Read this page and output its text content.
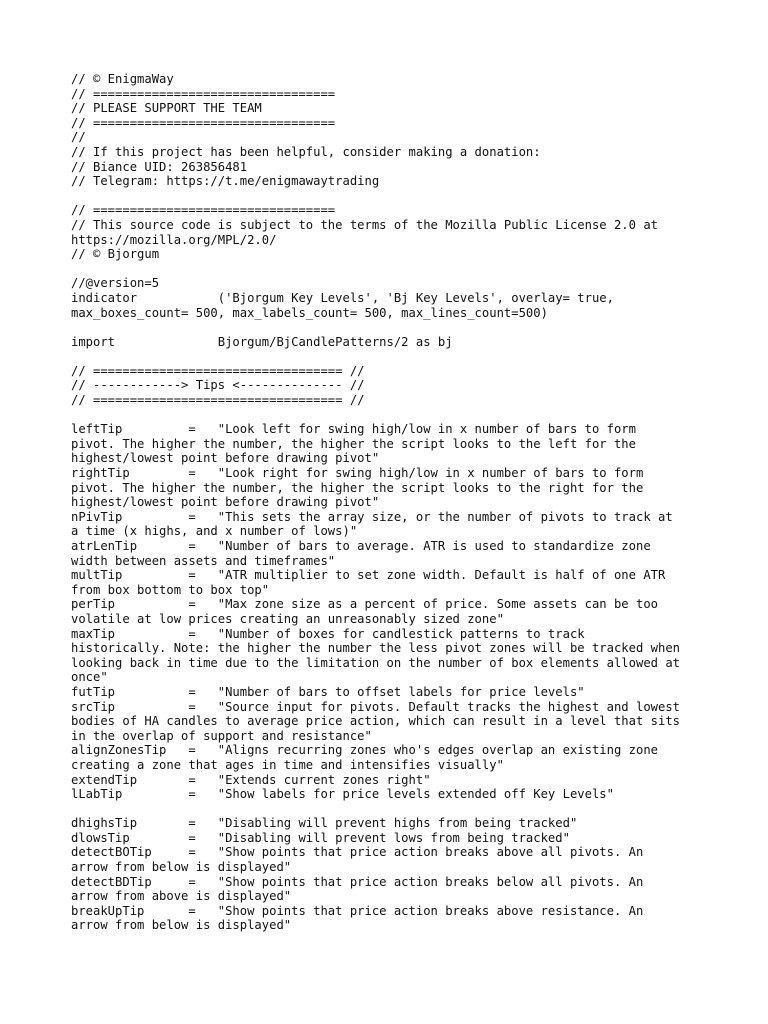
// © EnigmaWay
// =================================
// PLEASE SUPPORT THE TEAM
// =================================
//
// If this project has been helpful, consider making a donation:
// Biance UID: 263856481
// Telegram: https://t.me/enigmawaytrading
// =================================
// This source code is subject to the terms of the Mozilla Public License 2.0 at
https://mozilla.org/MPL/2.0/
// © Bjorgum
//@version=5
indicator           ('Bjorgum Key Levels', 'Bj Key Levels', overlay= true,
max_boxes_count= 500, max_labels_count= 500, max_lines_count=500)
import              Bjorgum/BjCandlePatterns/2 as bj
// ================================== //
// ------------> Tips <-------------- //
// ================================== //
leftTip         =   "Look left for swing high/low in x number of bars to form
pivot. The higher the number, the higher the script looks to the left for the
highest/lowest point before drawing pivot"
rightTip        =   "Look right for swing high/low in x number of bars to form
pivot. The higher the number, the higher the script looks to the right for the
highest/lowest point before drawing pivot"
nPivTip         =   "This sets the array size, or the number of pivots to track at
a time (x highs, and x number of lows)"
atrLenTip       =   "Number of bars to average. ATR is used to standardize zone
width between assets and timeframes"
multTip         =   "ATR multiplier to set zone width. Default is half of one ATR
from box bottom to box top"
perTip          =   "Max zone size as a percent of price. Some assets can be too
volatile at low prices creating an unreasonably sized zone"
maxTip          =   "Number of boxes for candlestick patterns to track
historically. Note: the higher the number the less pivot zones will be tracked when
looking back in time due to the limitation on the number of box elements allowed at
once"
futTip          =   "Number of bars to offset labels for price levels"
srcTip          =   "Source input for pivots. Default tracks the highest and lowest
bodies of HA candles to average price action, which can result in a level that sits
in the overlap of support and resistance"
alignZonesTip   =   "Aligns recurring zones who's edges overlap an existing zone
creating a zone that ages in time and intensifies visually"
extendTip       =   "Extends current zones right"
lLabTip         =   "Show labels for price levels extended off Key Levels"
dhighsTip       =   "Disabling will prevent highs from being tracked"
dlowsTip        =   "Disabling will prevent lows from being tracked"
detectBOTip     =   "Show points that price action breaks above all pivots. An
arrow from below is displayed"
detectBDTip     =   "Show points that price action breaks below all pivots. An
arrow from above is displayed"
breakUpTip      =   "Show points that price action breaks above resistance. An
arrow from below is displayed"
